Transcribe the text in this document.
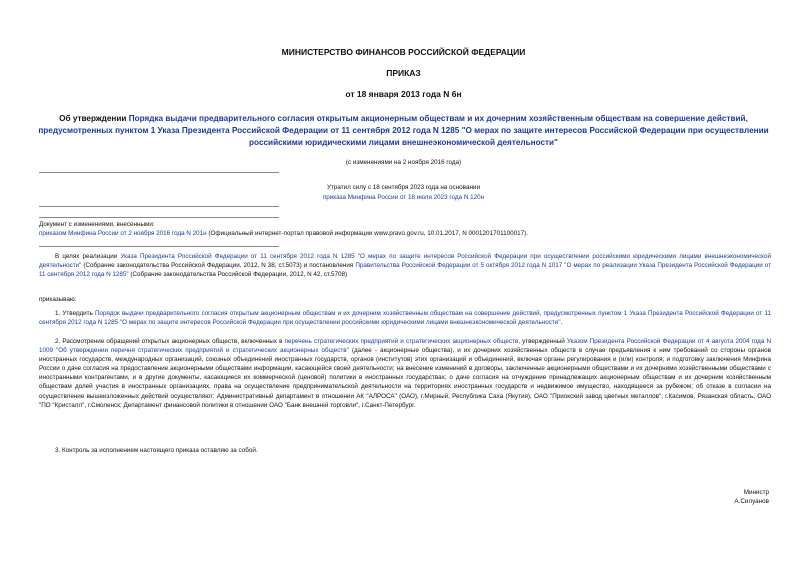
МИНИСТЕРСТВО ФИНАНСОВ РОССИЙСКОЙ ФЕДЕРАЦИИ
ПРИКАЗ
от 18 января 2013 года N 6н
Об утверждении Порядка выдачи предварительного согласия открытым акционерным обществам и их дочерним хозяйственным обществам на совершение действий, предусмотренных пунктом 1 Указа Президента Российской Федерации от 11 сентября 2012 года N 1285 "О мерах по защите интересов Российской Федерации при осуществлении российскими юридическими лицами внешнеэкономической деятельности"
(с изменениями на 2 ноября 2016 года)
Утратил силу с 18 сентября 2023 года на основании
приказа Минфина России от 18 июля 2023 года N 120н
Документ с изменениями, внесенными:
приказом Минфина России от 2 ноября 2016 года N 201н (Официальный интернет-портал правовой информации www.pravo.gov.ru, 10.01.2017, N 0001201701100017).
В целях реализации Указа Президента Российской Федерации от 11 сентября 2012 года N 1285 "О мерах по защите интересов Российской Федерации при осуществлении российскими юридическими лицами внешнеэкономической деятельности" (Собрание законодательства Российской Федерации, 2012, N 38, ст.5073) и постановления Правительства Российской Федерации от 5 октября 2012 года N 1017 "О мерах по реализации Указа Президента Российской Федерации от 11 сентября 2012 года N 1285" (Собрание законодательства Российской Федерации, 2012, N 42, ст.5708)
приказываю:
1. Утвердить Порядок выдачи предварительного согласия открытым акционерным обществам и их дочерним хозяйственным обществам на совершение действий, предусмотренных пунктом 1 Указа Президента Российской Федерации от 11 сентября 2012 года N 1285 "О мерах по защите интересов Российской Федерации при осуществлении российскими юридическими лицами внешнеэкономической деятельности".
2. Рассмотрение обращений открытых акционерных обществ, включенных в перечень стратегических предприятий и стратегических акционерных обществ, утвержденный Указом Президента Российской Федерации от 4 августа 2004 года N 1009 "Об утверждении перечня стратегических предприятий и стратегических акционерных обществ" (далее - акционерные общества), и их дочерних хозяйственных обществ в случае предъявления к ним требований со стороны органов иностранных государств, международных организаций, союзных объединений иностранных государств, органов (институтов) этих организаций и объединений, включая органы регулирования и (или) контроля, и подготовку заключения Минфина России о даче согласия на предоставление акционерными обществами информации, касающейся своей деятельности; на внесение изменений в договоры, заключенные акционерными обществами и их дочерними хозяйственными обществами с иностранными контрагентами, и в другие документы, касающиеся их коммерческой (ценовой) политики в иностранных государствах; о даче согласия на отчуждение принадлежащих акционерным обществам и их дочерним хозяйственным обществам долей участия в иностранных организациях, права на осуществление предпринимательской деятельности на территориях иностранных государств и недвижимое имущество, находящееся за рубежом; об отказе в согласии на осуществление вышеизложенных действий осуществляют: Административный департамент в отношении АК "АЛРОСА" (ОАО), г.Мирный, Республика Саха (Якутия), ОАО "Приокский завод цветных металлов", г.Касимов, Рязанская область, ОАО "ПО "Кристалл", г.Смоленск; Департамент финансовой политики в отношении ОАО "Банк внешней торговли", г.Санкт-Петербург.
3. Контроль за исполнением настоящего приказа оставляю за собой.
Министр
А.Силуанов
